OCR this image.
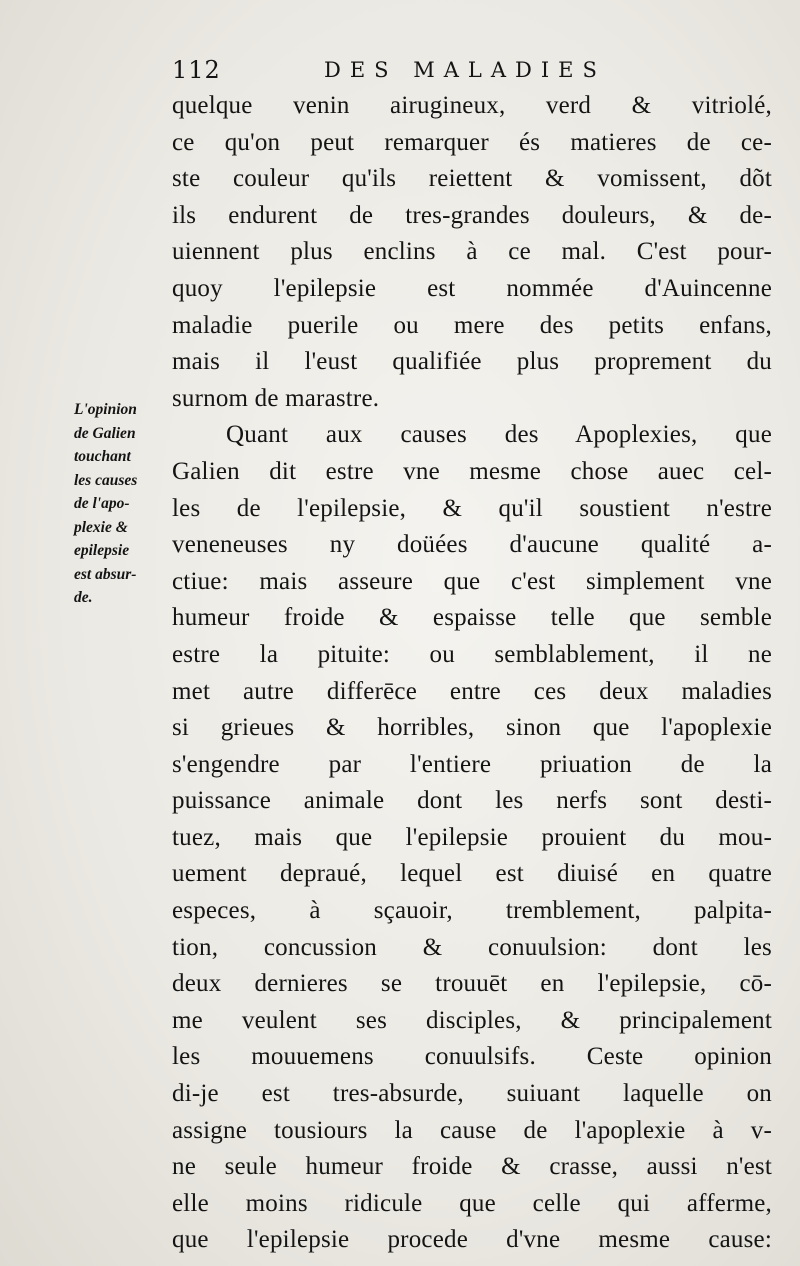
112	DES MALADIES
L'opinion
de Galien
touchant
les causes
de l'apo-
plexie &
epilepsie
est absur-
de.
quelque venin airugineux, verd & vitriolé,
ce qu'on peut remarquer és matieres de ce-
ste couleur qu'ils reiettent & vomissent, dõt
ils endurent de tres-grandes douleurs, & de-
uiennent plus enclins à ce mal. C'est pour-
quoy l'epilepsie est nommée d'Auincenne
maladie puerile ou mere des petits enfans,
mais il l'eust qualifiée plus proprement du
surnom de marastre.
Quant aux causes des Apoplexies, que
Galien dit estre vne mesme chose auec cel-
les de l'epilepsie, & qu'il soustient n'estre
veneneuses ny doüées d'aucune qualité a-
ctiue: mais asseure que c'est simplement vne
humeur froide & espaisse telle que semble
estre la pituite: ou semblablement, il ne
met autre differēce entre ces deux maladies
si grieues & horribles, sinon que l'apoplexie
s'engendre par l'entiere priuation de la
puissance animale dont les nerfs sont desti-
tuez, mais que l'epilepsie prouient du mou-
uement depraué, lequel est diuisé en quatre
especes, à sçauoir, tremblement, palpita-
tion, concussion & conuulsion: dont les
deux dernieres se trouuēt en l'epilepsie, cō-
me veulent ses disciples, & principalement
les mouuemens conuulsifs. Ceste opinion
di-je est tres-absurde, suiuant laquelle on
assigne tousiours la cause de l'apoplexie à v-
ne seule humeur froide & crasse, aussi n'est
elle moins ridicule que celle qui afferme,
que l'epilepsie procede d'vne mesme cause:
